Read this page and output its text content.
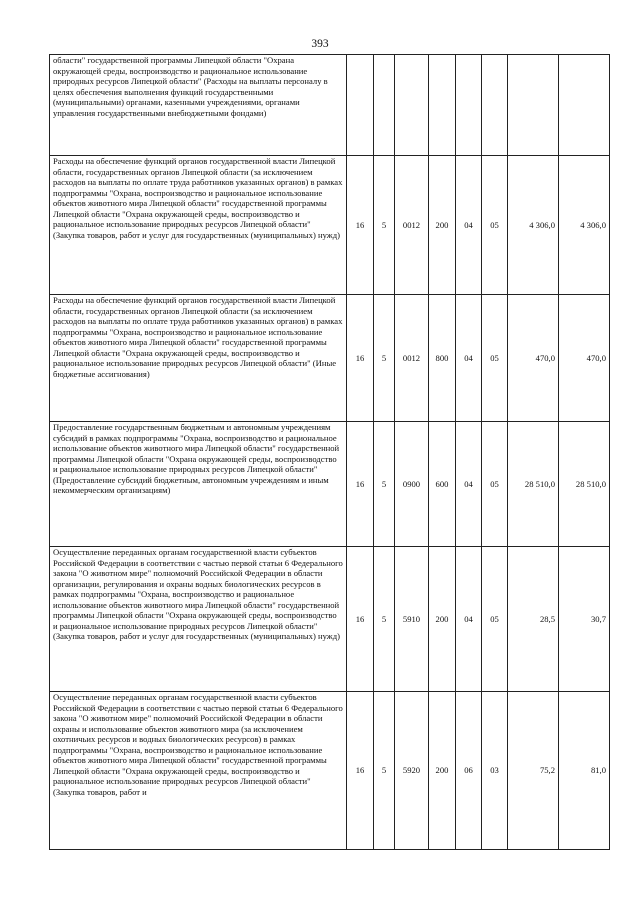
393
области" государственной программы Липецкой области "Охрана окружающей среды, воспроизводство и рациональное использование природных ресурсов Липецкой области" (Расходы на выплаты персоналу в целях обеспечения выполнения функций государственными (муниципальными) органами, казенными учреждениями, органами управления государственными внебюджетными фондами)								
Расходы на обеспечение функций органов государственной власти Липецкой области, государственных органов Липецкой области (за исключением расходов на выплаты по оплате труда работников указанных органов) в рамках подпрограммы "Охрана, воспроизводство и рациональное использование объектов животного мира Липецкой области" государственной программы Липецкой области "Охрана окружающей среды, воспроизводство и рациональное использование природных ресурсов Липецкой области" (Закупка товаров, работ и услуг для государственных (муниципальных) нужд)	16	5	0012	200	04	05	4 306,0	4 306,0
Расходы на обеспечение функций органов государственной власти Липецкой области, государственных органов Липецкой области (за исключением расходов на выплаты по оплате труда работников указанных органов) в рамках подпрограммы "Охрана, воспроизводство и рациональное использование объектов животного мира Липецкой области" государственной программы Липецкой области "Охрана окружающей среды, воспроизводство и рациональное использование природных ресурсов Липецкой области" (Иные бюджетные ассигнования)	16	5	0012	800	04	05	470,0	470,0
Предоставление государственным бюджетным и автономным учреждениям субсидий в рамках подпрограммы "Охрана, воспроизводство и рациональное использование объектов животного мира Липецкой области" государственной программы Липецкой области "Охрана окружающей среды, воспроизводство и рациональное использование природных ресурсов Липецкой области" (Предоставление субсидий бюджетным, автономным учреждениям и иным некоммерческим организациям)	16	5	0900	600	04	05	28 510,0	28 510,0
Осуществление переданных органам государственной власти субъектов Российской Федерации в соответствии с частью первой статьи 6 Федерального закона "О животном мире" полномочий Российской Федерации в области организации, регулирования и охраны водных биологических ресурсов в рамках подпрограммы "Охрана, воспроизводство и рациональное использование объектов животного мира Липецкой области" государственной программы Липецкой области "Охрана окружающей среды, воспроизводство и рациональное использование природных ресурсов Липецкой области" (Закупка товаров, работ и услуг для государственных (муниципальных) нужд)	16	5	5910	200	04	05	28,5	30,7
Осуществление переданных органам государственной власти субъектов Российской Федерации в соответствии с частью первой статьи 6 Федерального закона "О животном мире" полномочий Российской Федерации в области охраны и использование объектов животного мира (за исключением охотничьих ресурсов и водных биологических ресурсов) в рамках подпрограммы "Охрана, воспроизводство и рациональное использование объектов животного мира Липецкой области" государственной программы Липецкой области "Охрана окружающей среды, воспроизводство и рациональное использование природных ресурсов Липецкой области" (Закупка товаров, работ и	16	5	5920	200	06	03	75,2	81,0
